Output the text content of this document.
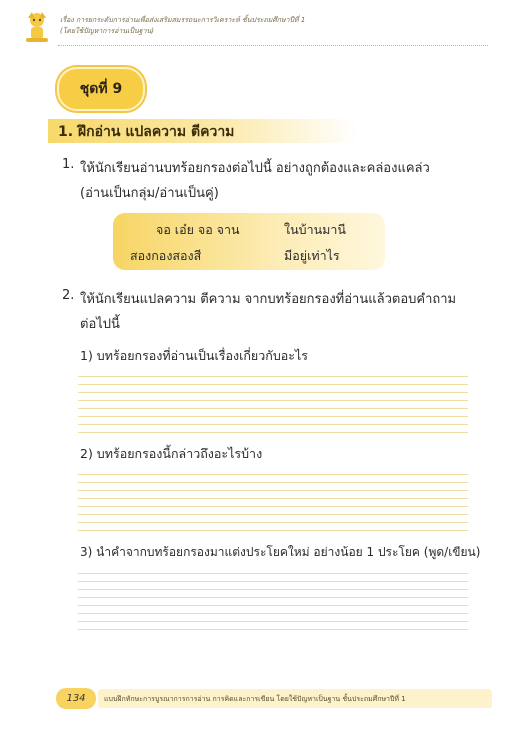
เรื่อง การยกระดับการอ่านเพื่อส่งเสริมสมรรถนะการวิเคราะห์ ชั้นประถมศึกษาปีที่ 1
(โดยใช้ปัญหาการอ่านเป็นฐาน)
ชุดที่ 9
1. ฝึกอ่าน แปลความ ตีความ
1. ให้นักเรียนอ่านบทร้อยกรองต่อไปนี้ อย่างถูกต้องและคล่องแคล่ว
(อ่านเป็นกลุ่ม/อ่านเป็นคู่)
จอ เอ๋ย จอ จาน	ในบ้านมานี
สองกองสองสี	มีอยู่เท่าไร
2. ให้นักเรียนแปลความ ตีความ จากบทร้อยกรองที่อ่านแล้วตอบคำถาม
ต่อไปนี้
1) บทร้อยกรองที่อ่านเป็นเรื่องเกี่ยวกับอะไร
2) บทร้อยกรองนี้กล่าวถึงอะไรบ้าง
3) นำคำจากบทร้อยกรองมาแต่งประโยคใหม่ อย่างน้อย 1 ประโยค (พูด/เขียน)
134	แบบฝึกทักษะการบูรณาการการอ่าน การคิดและการเขียน โดยใช้ปัญหาเป็นฐาน ชั้นประถมศึกษาปีที่ 1
